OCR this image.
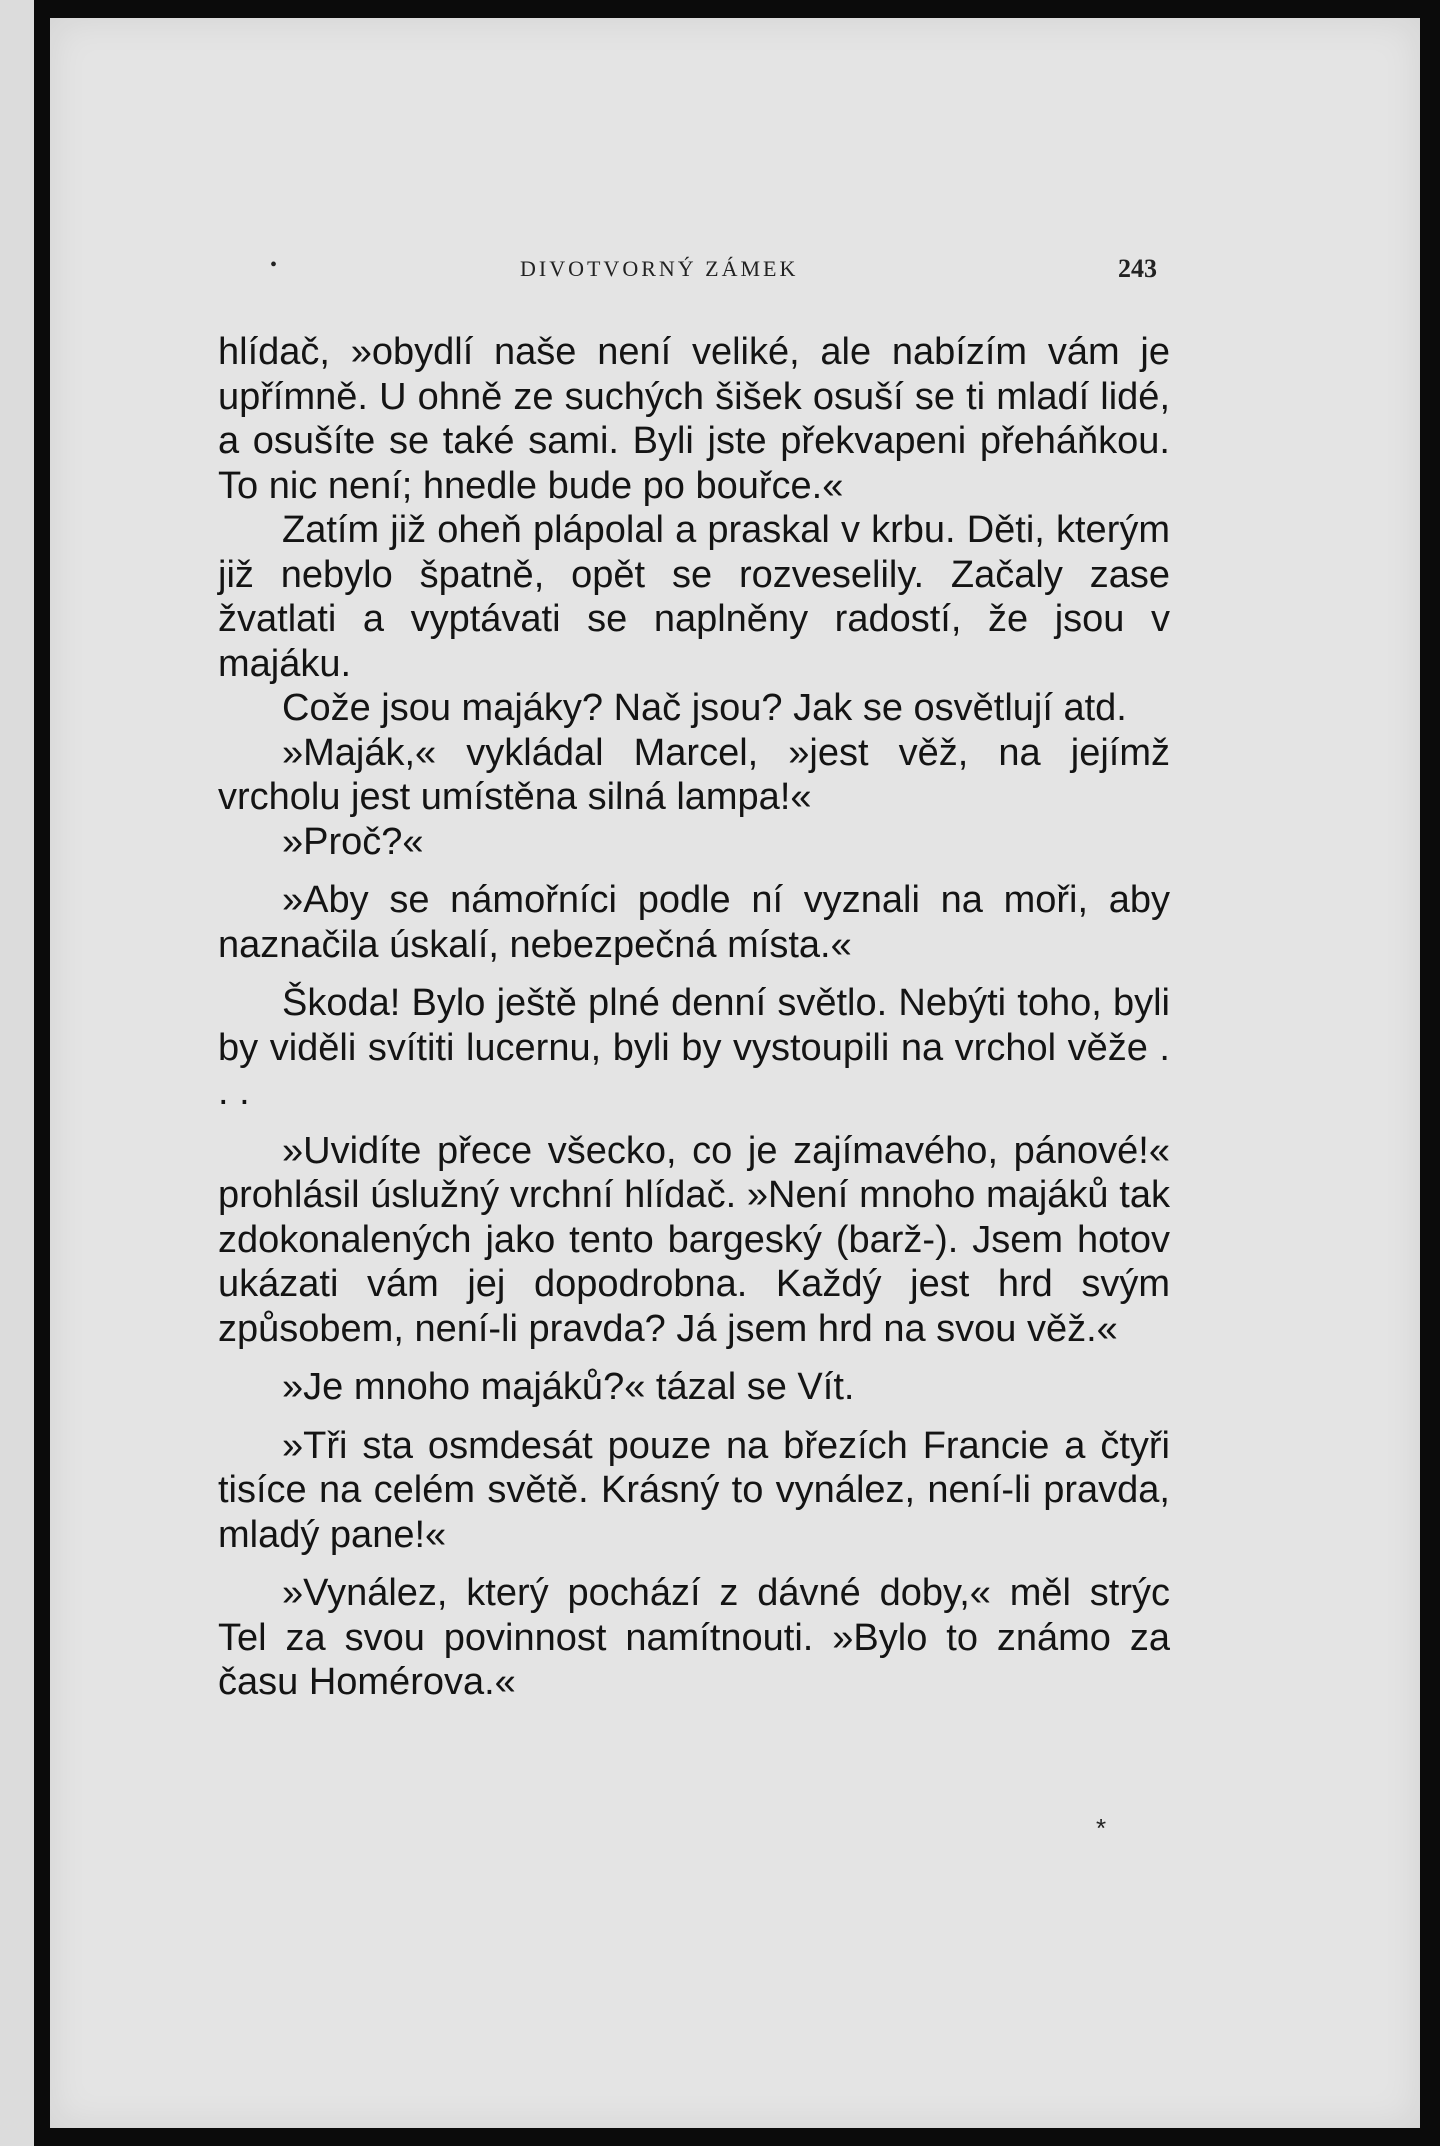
•	DIVOTVORNÝ ZÁMEK	243

hlídač, »obydlí naše není veliké, ale nabízím vám je upřímně. U ohně ze suchých šišek osuší se ti mladí lidé, a osušíte se také sami. Byli jste překvapeni přeháňkou. To nic není; hnedle bude po bouřce.«

Zatím již oheň plápolal a praskal v krbu. Děti, kterým již nebylo špatně, opět se rozveselily. Začaly zase žvatlati a vyptávati se naplněny radostí, že jsou v majáku.

Cože jsou majáky? Nač jsou? Jak se osvětlují atd.

»Maják,« vykládal Marcel, »jest věž, na jejímž vrcholu jest umístěna silná lampa!«

»Proč?«

»Aby se námořníci podle ní vyznali na moři, aby naznačila úskalí, nebezpečná místa.«

Škoda! Bylo ještě plné denní světlo. Nebýti toho, byli by viděli svítiti lucernu, byli by vystoupili na vrchol věže . . .

»Uvidíte přece všecko, co je zajímavého, pánové!« prohlásil úslužný vrchní hlídač. »Není mnoho majáků tak zdokonalených jako tento bargeský (barž-). Jsem hotov ukázati vám jej dopodrobna. Každý jest hrd svým způsobem, není-li pravda? Já jsem hrd na svou věž.«

»Je mnoho majáků?« tázal se Vít.

»Tři sta osmdesát pouze na březích Francie a čtyři tisíce na celém světě. Krásný to vynález, není-li pravda, mladý pane!«

»Vynález, který pochází z dávné doby,« měl strýc Tel za svou povinnost namítnouti. »Bylo to známo za času Homérova.«

*
